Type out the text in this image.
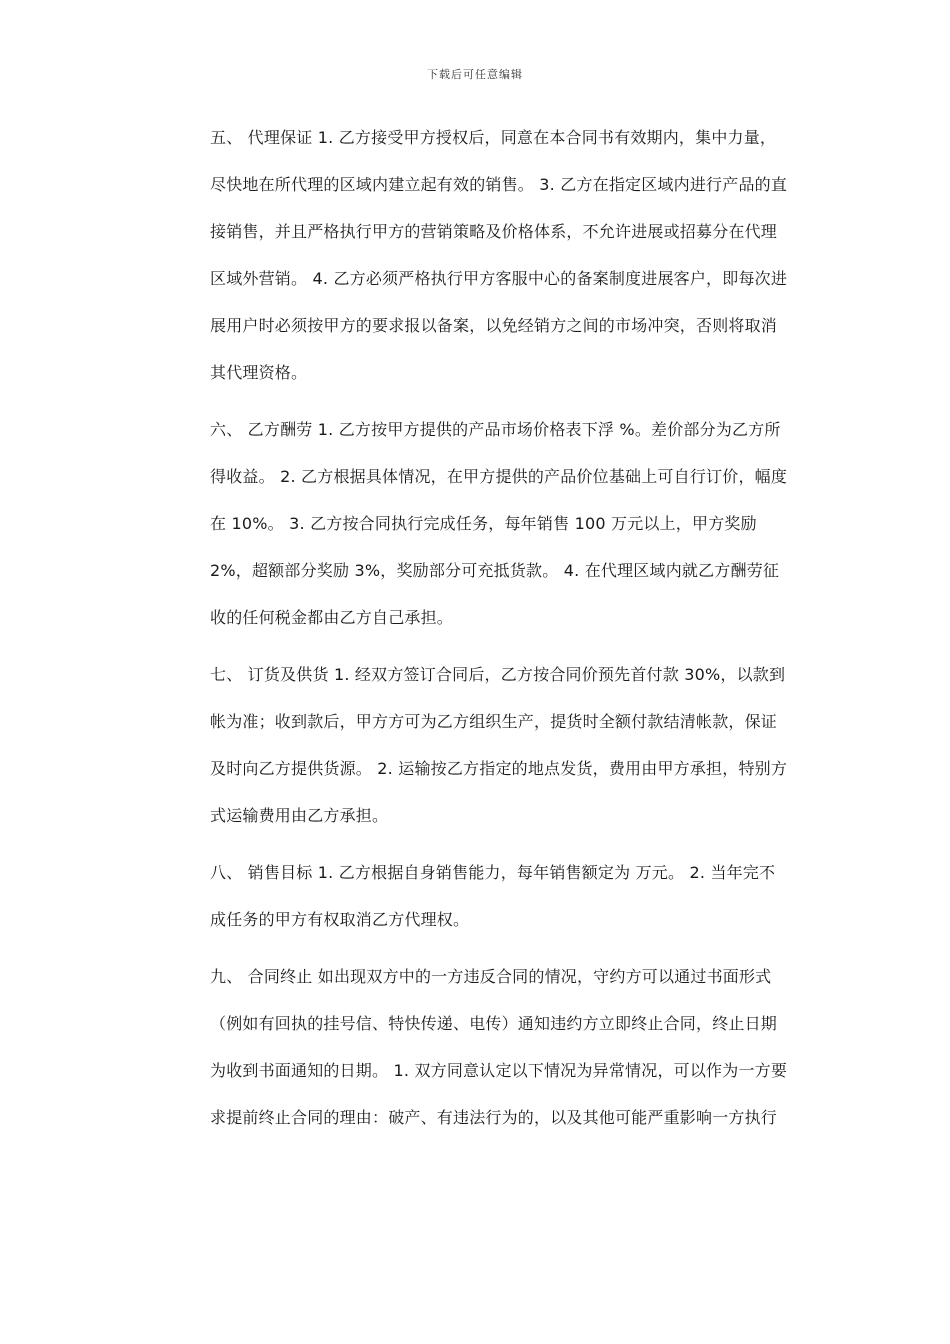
下载后可任意编辑
五、 代理保证 1. 乙方接受甲方授权后，同意在本合同书有效期内，集中力量，
尽快地在所代理的区域内建立起有效的销售。 3. 乙方在指定区域内进行产品的直
接销售，并且严格执行甲方的营销策略及价格体系，不允许进展或招募分在代理
区域外营销。 4. 乙方必须严格执行甲方客服中心的备案制度进展客户，即每次进
展用户时必须按甲方的要求报以备案，以免经销方之间的市场冲突，否则将取消
其代理资格。
六、 乙方酬劳 1. 乙方按甲方提供的产品市场价格表下浮 %。差价部分为乙方所
得收益。 2. 乙方根据具体情况，在甲方提供的产品价位基础上可自行订价，幅度
在 10%。 3. 乙方按合同执行完成任务，每年销售 100 万元以上，甲方奖励
2%，超额部分奖励 3%，奖励部分可充抵货款。 4. 在代理区域内就乙方酬劳征
收的任何税金都由乙方自己承担。
七、 订货及供货 1. 经双方签订合同后，乙方按合同价预先首付款 30%，以款到
帐为准；收到款后，甲方方可为乙方组织生产，提货时全额付款结清帐款，保证
及时向乙方提供货源。 2. 运输按乙方指定的地点发货，费用由甲方承担，特别方
式运输费用由乙方承担。
八、 销售目标 1. 乙方根据自身销售能力，每年销售额定为 万元。 2. 当年完不
成任务的甲方有权取消乙方代理权。
九、 合同终止 如出现双方中的一方违反合同的情况，守约方可以通过书面形式
（例如有回执的挂号信、特快传递、电传）通知违约方立即终止合同，终止日期
为收到书面通知的日期。 1. 双方同意认定以下情况为异常情况，可以作为一方要
求提前终止合同的理由：破产、有违法行为的，以及其他可能严重影响一方执行
